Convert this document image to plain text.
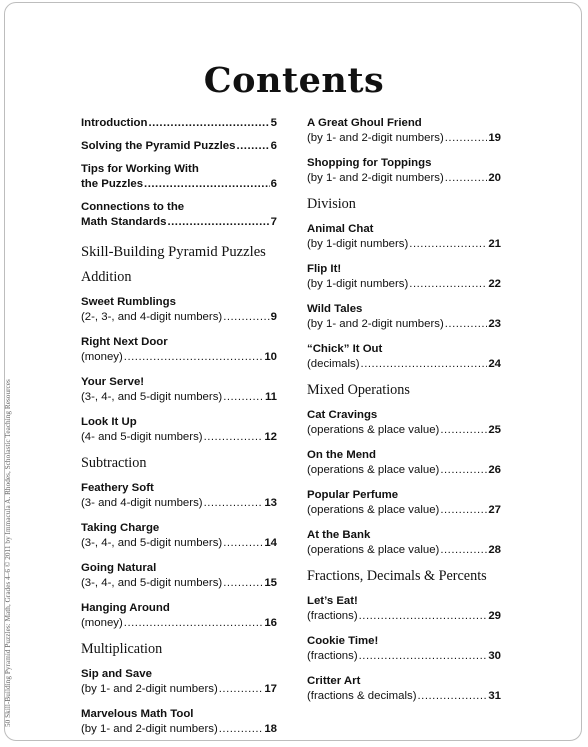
50 Skill-Building Pyramid Puzzles: Math, Grades 4–6 © 2011 by Immacula A. Rhodes, Scholastic Teaching Resources
Contents
Introduction .....	5
Solving the Pyramid Puzzles .....	6
Tips for Working With
the Puzzles .....	6
Connections to the
Math Standards .....	7
Skill-Building Pyramid Puzzles
Addition
Sweet Rumblings
(2-, 3-, and 4-digit numbers) .....	9
Right Next Door
(money) .....	10
Your Serve!
(3-, 4-, and 5-digit numbers) .....	11
Look It Up
(4- and 5-digit numbers) .....	12
Subtraction
Feathery Soft
(3- and 4-digit numbers) .....	13
Taking Charge
(3-, 4-, and 5-digit numbers) .....	14
Going Natural
(3-, 4-, and 5-digit numbers) .....	15
Hanging Around
(money) .....	16
Multiplication
Sip and Save
(by 1- and 2-digit numbers) .....	17
Marvelous Math Tool
(by 1- and 2-digit numbers) .....	18
A Great Ghoul Friend
(by 1- and 2-digit numbers) .....	19
Shopping for Toppings
(by 1- and 2-digit numbers) .....	20
Division
Animal Chat
(by 1-digit numbers) .....	21
Flip It!
(by 1-digit numbers) .....	22
Wild Tales
(by 1- and 2-digit numbers) .....	23
“Chick” It Out
(decimals) .....	24
Mixed Operations
Cat Cravings
(operations & place value) .....	25
On the Mend
(operations & place value) .....	26
Popular Perfume
(operations & place value) .....	27
At the Bank
(operations & place value) .....	28
Fractions, Decimals & Percents
Let’s Eat!
(fractions) .....	29
Cookie Time!
(fractions) .....	30
Critter Art
(fractions & decimals) .....	31
